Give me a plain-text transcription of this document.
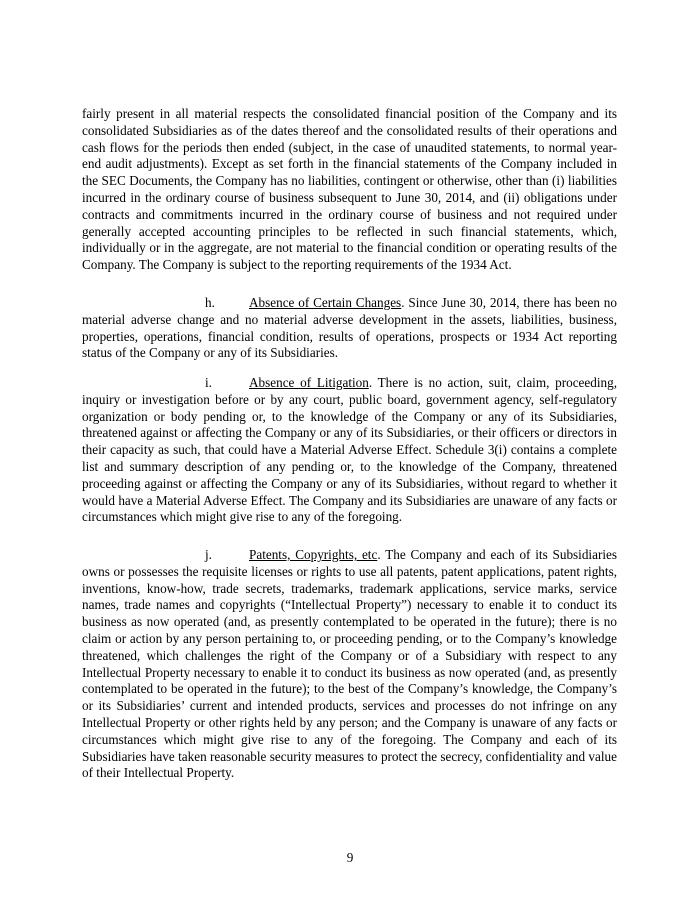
fairly present in all material respects the consolidated financial position of the Company and its consolidated Subsidiaries as of the dates thereof and the consolidated results of their operations and cash flows for the periods then ended (subject, in the case of unaudited statements, to normal year-end audit adjustments). Except as set forth in the financial statements of the Company included in the SEC Documents, the Company has no liabilities, contingent or otherwise, other than (i) liabilities incurred in the ordinary course of business subsequent to June 30, 2014, and (ii) obligations under contracts and commitments incurred in the ordinary course of business and not required under generally accepted accounting principles to be reflected in such financial statements, which, individually or in the aggregate, are not material to the financial condition or operating results of the Company. The Company is subject to the reporting requirements of the 1934 Act.

h.	Absence of Certain Changes. Since June 30, 2014, there has been no material adverse change and no material adverse development in the assets, liabilities, business, properties, operations, financial condition, results of operations, prospects or 1934 Act reporting status of the Company or any of its Subsidiaries.

i.	Absence of Litigation. There is no action, suit, claim, proceeding, inquiry or investigation before or by any court, public board, government agency, self-regulatory organization or body pending or, to the knowledge of the Company or any of its Subsidiaries, threatened against or affecting the Company or any of its Subsidiaries, or their officers or directors in their capacity as such, that could have a Material Adverse Effect. Schedule 3(i) contains a complete list and summary description of any pending or, to the knowledge of the Company, threatened proceeding against or affecting the Company or any of its Subsidiaries, without regard to whether it would have a Material Adverse Effect. The Company and its Subsidiaries are unaware of any facts or circumstances which might give rise to any of the foregoing.

j.	Patents, Copyrights, etc. The Company and each of its Subsidiaries owns or possesses the requisite licenses or rights to use all patents, patent applications, patent rights, inventions, know-how, trade secrets, trademarks, trademark applications, service marks, service names, trade names and copyrights (“Intellectual Property”) necessary to enable it to conduct its business as now operated (and, as presently contemplated to be operated in the future); there is no claim or action by any person pertaining to, or proceeding pending, or to the Company’s knowledge threatened, which challenges the right of the Company or of a Subsidiary with respect to any Intellectual Property necessary to enable it to conduct its business as now operated (and, as presently contemplated to be operated in the future); to the best of the Company’s knowledge, the Company’s or its Subsidiaries’ current and intended products, services and processes do not infringe on any Intellectual Property or other rights held by any person; and the Company is unaware of any facts or circumstances which might give rise to any of the foregoing. The Company and each of its Subsidiaries have taken reasonable security measures to protect the secrecy, confidentiality and value of their Intellectual Property.

9
